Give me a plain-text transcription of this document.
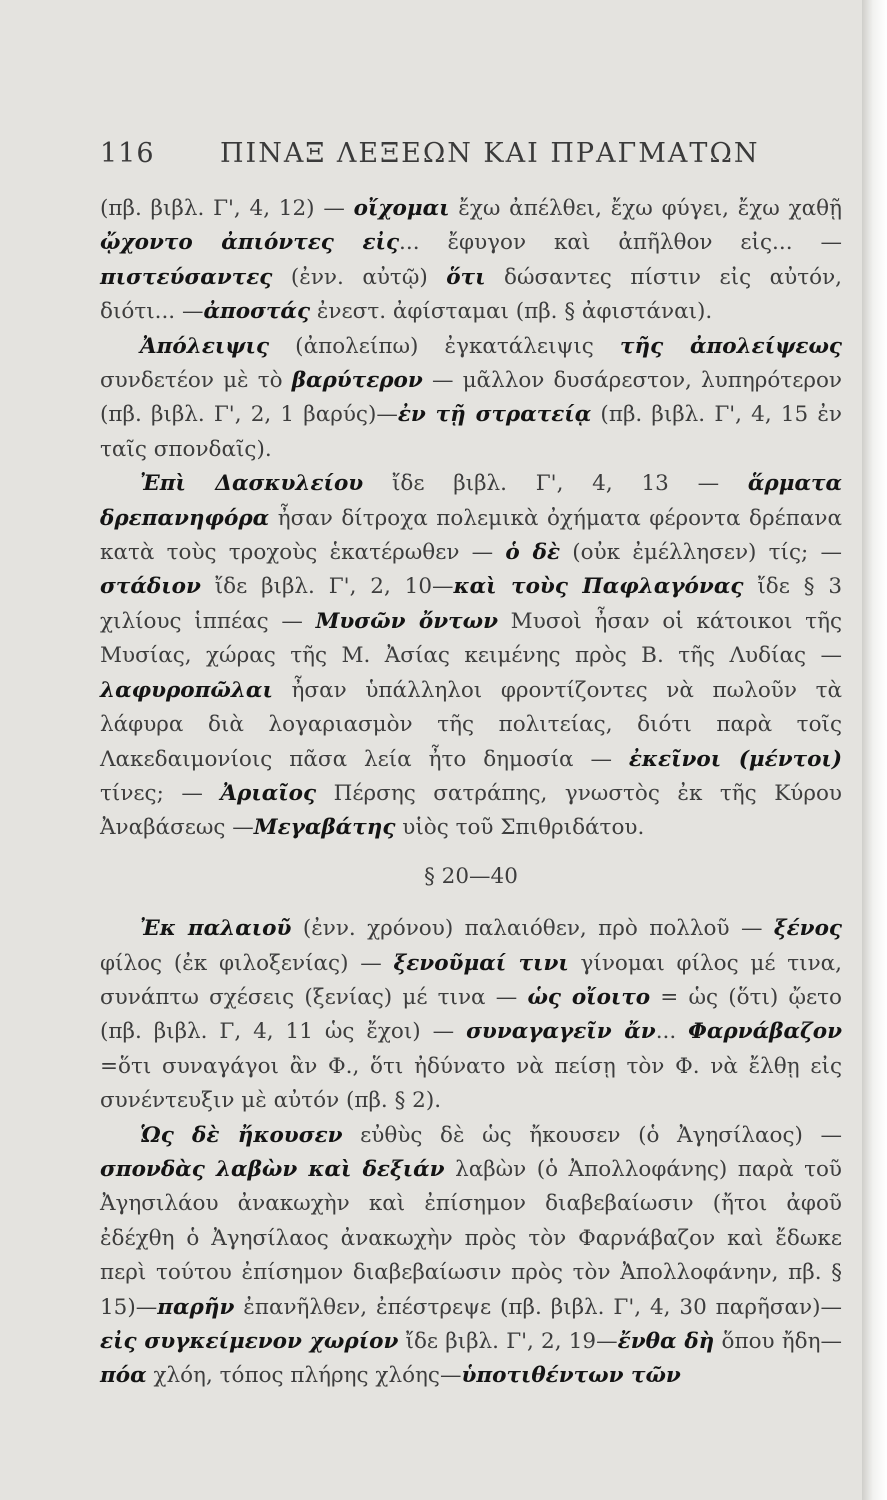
116 ΠΙΝΑΞ ΛΕΞΕΩΝ ΚΑΙ ΠΡΑΓΜΑΤΩΝ

(πβ. βιβλ. Γ', 4, 12) — οἴχομαι ἔχω ἀπέλθει, ἔχω φύγει, ἔχω χαθῇ ᾤχοντο ἀπιόντες εἰς... ἔφυγον καὶ ἀπῆλθον εἰς... — πιστεύσαντες (ἐνν. αὐτῷ) ὅτι δώσαντες πίστιν εἰς αὐτόν, διότι... —ἀποστάς ἐνεστ. ἀφίσταμαι (πβ. § ἀφιστάναι).

Ἀπόλειψις (ἀπολείπω) ἐγκατάλειψις τῆς ἀπολείψεως συνδετέον μὲ τὸ βαρύτερον — μᾶλλον δυσάρεστον, λυπηρότερον (πβ. βιβλ. Γ', 2, 1 βαρύς)—ἐν τῇ στρατείᾳ (πβ. βιβλ. Γ', 4, 15 ἐν ταῖς σπονδαῖς).

Ἐπὶ Δασκυλείου ἴδε βιβλ. Γ', 4, 13 — ἅρματα δρεπανηφόρα ἦσαν δίτροχα πολεμικὰ ὀχήματα φέροντα δρέπανα κατὰ τοὺς τροχοὺς ἑκατέρωθεν — ὁ δὲ (οὐκ ἐμέλλησεν) τίς; — στάδιον ἴδε βιβλ. Γ', 2, 10—καὶ τοὺς Παφλαγόνας ἴδε § 3 χιλίους ἱππέας — Μυσῶν ὄντων Μυσοὶ ἦσαν οἱ κάτοικοι τῆς Μυσίας, χώρας τῆς Μ. Ἀσίας κειμένης πρὸς Β. τῆς Λυδίας — λαφυροπῶλαι ἦσαν ὑπάλληλοι φροντίζοντες νὰ πωλοῦν τὰ λάφυρα διὰ λογαριασμὸν τῆς πολιτείας, διότι παρὰ τοῖς Λακεδαιμονίοις πᾶσα λεία ἦτο δημοσία — ἐκεῖνοι (μέντοι) τίνες; — Ἀριαῖος Πέρσης σατράπης, γνωστὸς ἐκ τῆς Κύρου Ἀναβάσεως —Μεγαβάτης υἱὸς τοῦ Σπιθριδάτου.

§ 20—40

Ἐκ παλαιοῦ (ἐνν. χρόνου) παλαιόθεν, πρὸ πολλοῦ — ξένος φίλος (ἐκ φιλοξενίας) — ξενοῦμαί τινι γίνομαι φίλος μέ τινα, συνάπτω σχέσεις (ξενίας) μέ τινα — ὡς οἴοιτο = ὡς (ὅτι) ᾤετο (πβ. βιβλ. Γ, 4, 11 ὡς ἔχοι) — συναγαγεῖν ἄν... Φαρνάβαζον =ὅτι συναγάγοι ἂν Φ., ὅτι ἠδύνατο νὰ πείσῃ τὸν Φ. νὰ ἔλθῃ εἰς συνέντευξιν μὲ αὐτόν (πβ. § 2).

Ὡς δὲ ἤκουσεν εὐθὺς δὲ ὡς ἤκουσεν (ὁ Ἀγησίλαος) — σπονδὰς λαβὼν καὶ δεξιάν λαβὼν (ὁ Ἀπολλοφάνης) παρὰ τοῦ Ἀγησιλάου ἀνακωχὴν καὶ ἐπίσημον διαβεβαίωσιν (ἤτοι ἀφοῦ ἐδέχθη ὁ Ἀγησίλαος ἀνακωχὴν πρὸς τὸν Φαρνάβαζον καὶ ἔδωκε περὶ τούτου ἐπίσημον διαβεβαίωσιν πρὸς τὸν Ἀπολλοφάνην, πβ. § 15)—παρῆν ἐπανῆλθεν, ἐπέστρεψε (πβ. βιβλ. Γ', 4, 30 παρῆσαν)—εἰς συγκείμενον χωρίον ἴδε βιβλ. Γ', 2, 19—ἔνθα δὴ ὅπου ἤδη—πόα χλόη, τόπος πλήρης χλόης—ὑποτιθέντων τῶν
